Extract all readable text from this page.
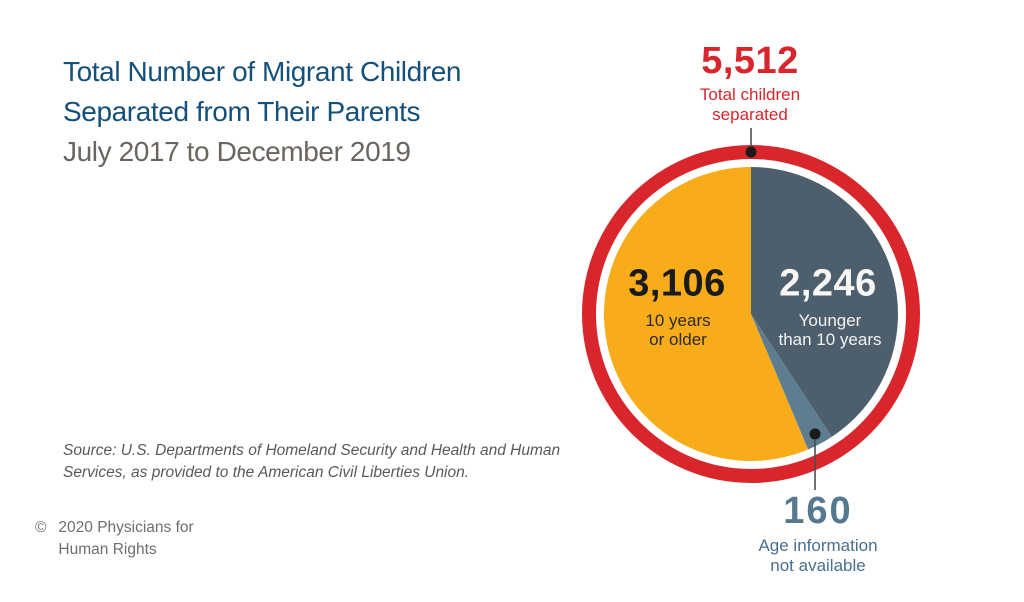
Total Number of Migrant Children
Separated from Their Parents
July 2017 to December 2019
5,512
Total children
separated
3,106
10 years
or older
2,246
Younger
than 10 years
160
Age information
not available
Source: U.S. Departments of Homeland Security and Health and Human
Services, as provided to the American Civil Liberties Union.
© 2020 Physicians for
Human Rights
